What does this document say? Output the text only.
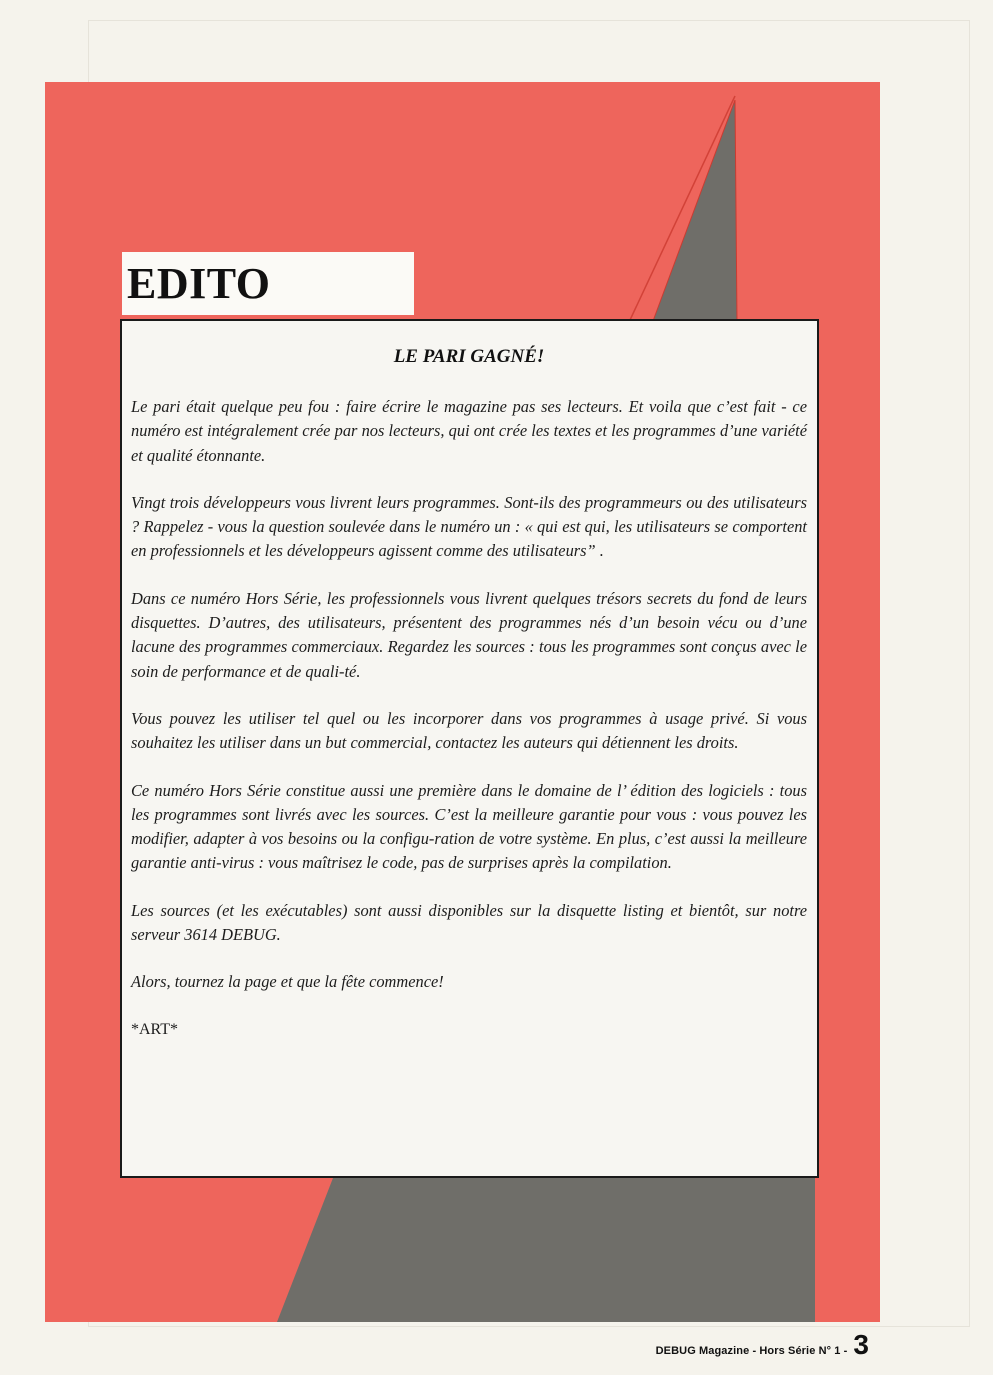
EDITO
LE PARI GAGNÉ!

Le pari était quelque peu fou : faire écrire le magazine pas ses lecteurs. Et voila que c’est fait - ce numéro est intégralement crée par nos lecteurs, qui ont crée les textes et les programmes d’une variété et qualité étonnante.

Vingt trois développeurs vous livrent leurs programmes. Sont-ils des programmeurs ou des utilisateurs ? Rappelez - vous la question soulevée dans le numéro un : « qui est qui, les utilisateurs se comportent en professionnels et les développeurs agissent comme des utilisateurs” .

Dans ce numéro Hors Série, les professionnels vous livrent quelques trésors secrets du fond de leurs disquettes. D’autres, des utilisateurs, présentent des programmes nés d’un besoin vécu ou d’une lacune des programmes commerciaux. Regardez les sources : tous les programmes sont conçus avec le soin de performance et de quali-té.

Vous pouvez les utiliser tel quel ou les incorporer dans vos programmes à usage privé. Si vous souhaitez les utiliser dans un but commercial, contactez les auteurs qui détiennent les droits.

Ce numéro Hors Série constitue aussi une première dans le domaine de l’ édition des logiciels : tous les programmes sont livrés avec les sources. C’est la meilleure garantie pour vous : vous pouvez les modifier, adapter à vos besoins ou la configu-ration de votre système. En plus, c’est aussi la meilleure garantie anti-virus : vous maîtrisez le code, pas de surprises après la compilation.

Les sources (et les exécutables) sont aussi disponibles sur la disquette listing et bientôt, sur notre serveur 3614 DEBUG.

Alors, tournez la page et que la fête commence!

*ART*

DEBUG Magazine - Hors Série N° 1 - 3
